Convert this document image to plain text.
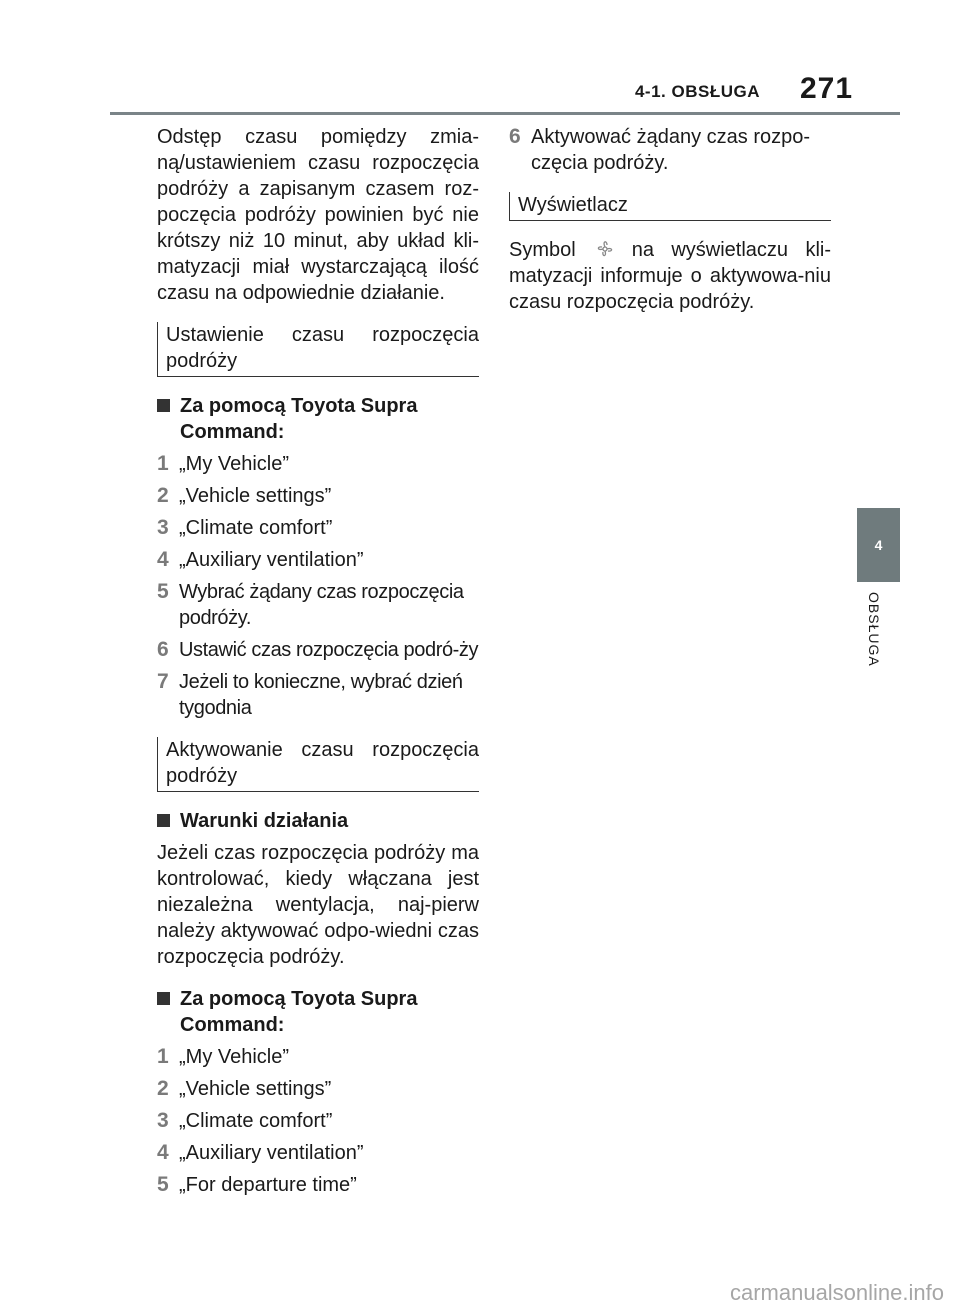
4-1. OBSŁUGA 271
4
OBSŁUGA

Odstęp czasu pomiędzy zmia-ną/ustawieniem czasu rozpoczęcia podróży a zapisanym czasem roz-poczęcia podróży powinien być nie krótszy niż 10 minut, aby układ kli-matyzacji miał wystarczającą ilość czasu na odpowiednie działanie.

Ustawienie czasu rozpoczęcia podróży
Za pomocą Toyota Supra Command:
1 „My Vehicle”
2 „Vehicle settings”
3 „Climate comfort”
4 „Auxiliary ventilation”
5 Wybrać żądany czas rozpoczęcia podróży.
6 Ustawić czas rozpoczęcia podró-ży
7 Jeżeli to konieczne, wybrać dzień tygodnia
Aktywowanie czasu rozpoczęcia podróży
Warunki działania

Jeżeli czas rozpoczęcia podróży ma kontrolować, kiedy włączana jest niezależna wentylacja, naj-pierw należy aktywować odpo-wiedni czas rozpoczęcia podróży.

Za pomocą Toyota Supra Command:
1 „My Vehicle”
2 „Vehicle settings”
3 „Climate comfort”
4 „Auxiliary ventilation”
5 „For departure time”
6 Aktywować żądany czas rozpo-częcia podróży.
Wyświetlacz

Symbol	na wyświetlaczu kli-matyzacji informuje o aktywowa-niu czasu rozpoczęcia podróży.

carmanualsonline.info
